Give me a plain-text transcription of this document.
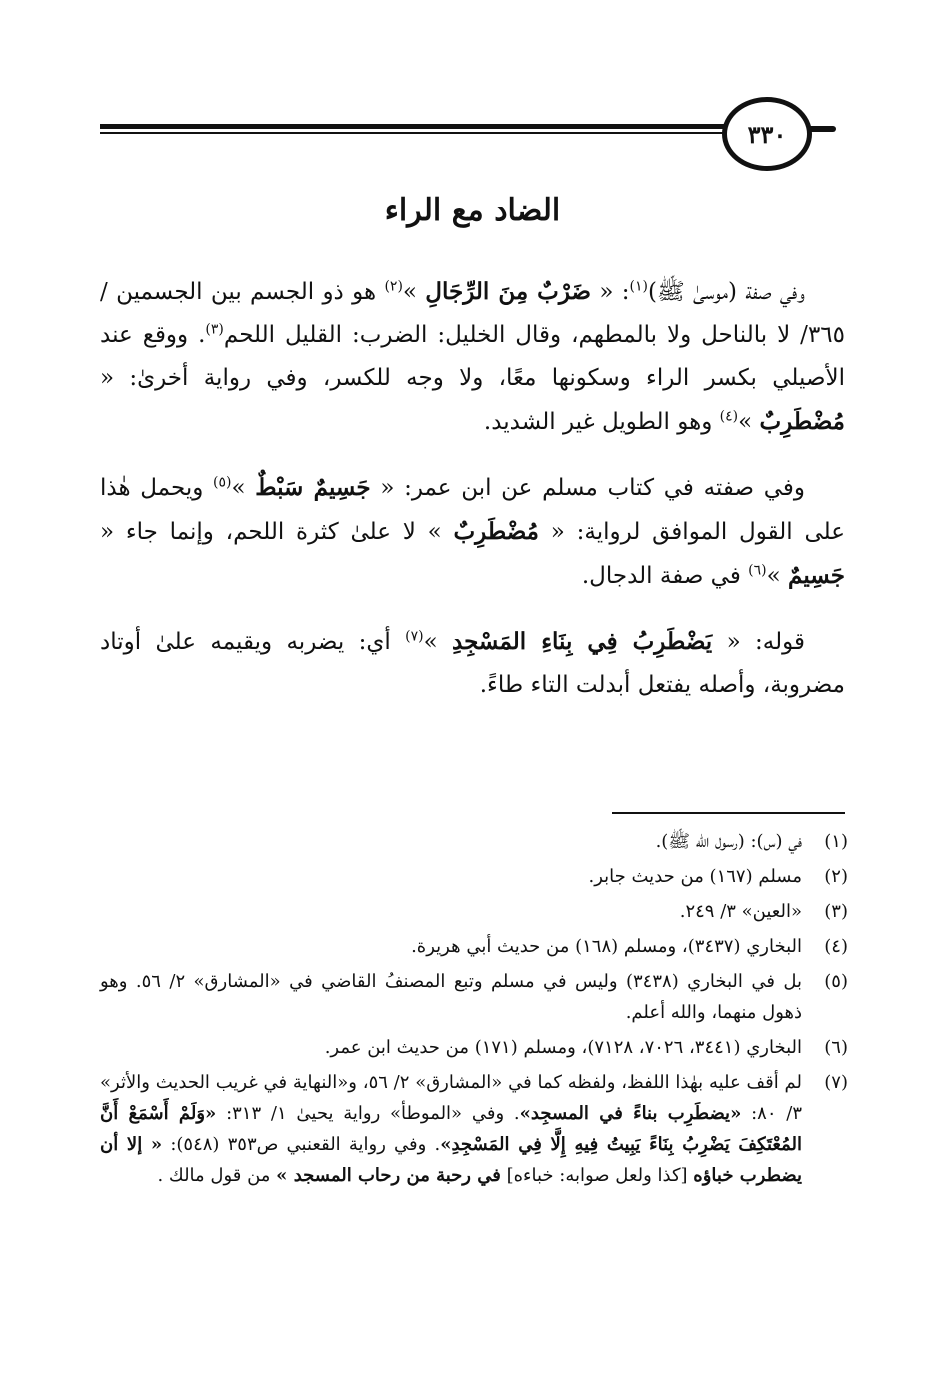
٣٣٠
الضاد مع الراء

وفي صفة (موسىٰ ﷺ)$^{(١)}$: « ضَرْبٌ مِنَ الرِّجَالِ »$^{(٢)}$ هو ذو الجسم بين الجسمين /٣٦٥/ لا بالناحل ولا بالمطهم، وقال الخليل: الضرب: القليل اللحم$^{(٣)}$. ووقع عند الأصيلي بكسر الراء وسكونها معًا، ولا وجه للكسر، وفي رواية أخرىٰ: « مُضْطَرِبٌ »$^{(٤)}$ وهو الطويل غير الشديد.

وفي صفته في كتاب مسلم عن ابن عمر: « جَسِيمٌ سَبْطٌ »$^{(٥)}$ ويحمل هٰذا على القول الموافق لرواية: « مُضْطَرِبٌ » لا علىٰ كثرة اللحم، وإنما جاء « جَسِيمٌ »$^{(٦)}$ في صفة الدجال.

قوله: « يَضْطَرِبُ فِي بِنَاءِ المَسْجِدِ »$^{(٧)}$ أي: يضربه ويقيمه علىٰ أوتاد مضروبة، وأصله يفتعل أبدلت التاء طاءً.

(١)
في (س): (رسول الله ﷺ).
(٢)
مسلم (١٦٧) من حديث جابر.
(٣)
«العين» ٣/ ٢٤٩.
(٤)
البخاري (٣٤٣٧)، ومسلم (١٦٨) من حديث أبي هريرة.
(٥)
بل في البخاري (٣٤٣٨) وليس في مسلم وتبع المصنفُ القاضي في «المشارق» ٢/ ٥٦. وهو ذهول منهما، والله أعلم.
(٦)
البخاري (٣٤٤١، ٧٠٢٦، ٧١٢٨)، ومسلم (١٧١) من حديث ابن عمر.
(٧)
لم أقف عليه بهٰذا اللفظ، ولفظه كما في «المشارق» ٢/ ٥٦، و«النهاية في غريب الحديث والأثر» ٣/ ٨٠: «يضطَرِب بناءً في المسجِد». وفي «الموطأ» رواية يحيىٰ ١/ ٣١٣: «وَلَمْ أَسْمَعْ أَنَّ المُعْتَكِفَ يَضْرِبُ بِنَاءً يَبِيتُ فِيهِ إِلَّا فِي المَسْجِدِ». وفي رواية القعنبي ص٣٥٣ (٥٤٨): « إلا أن يضطرب خباؤه [كذا ولعل صوابه: خباءه] في رحبة من رحاب المسجد » من قول مالك .
